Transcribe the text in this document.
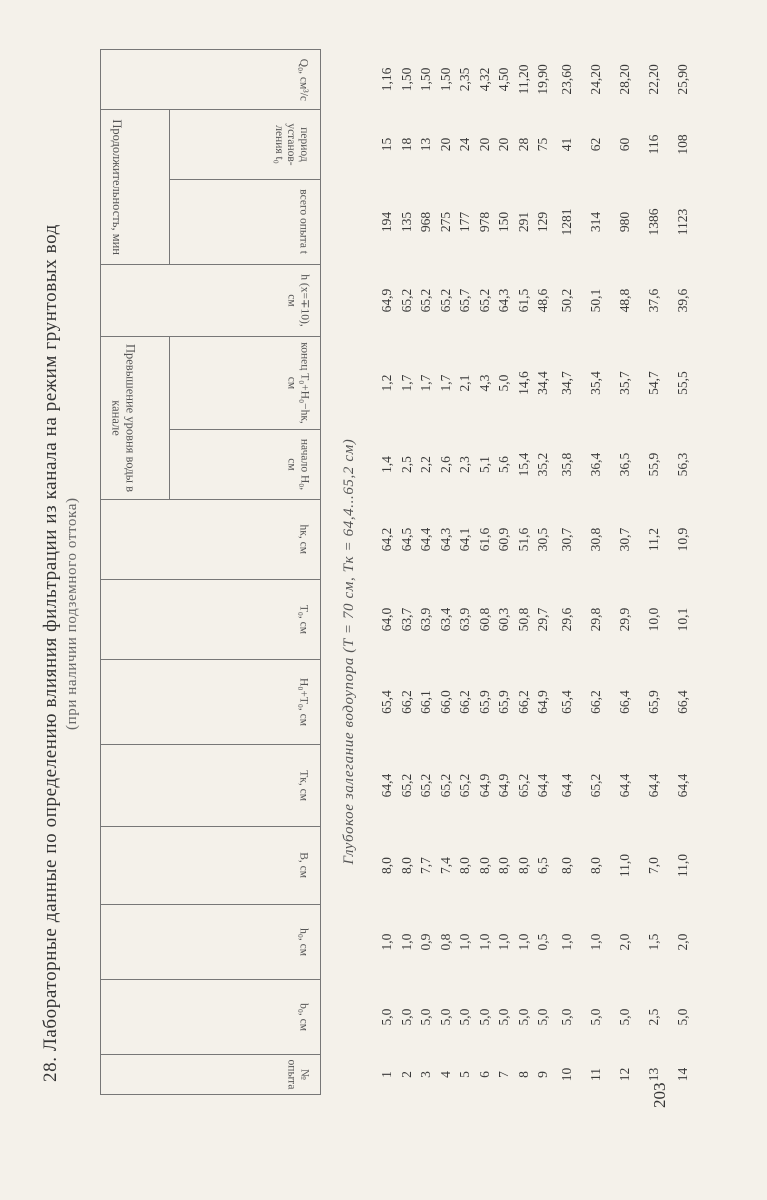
28. Лабораторные данные по определению влияния фильтрации из канала на режим грунтовых вод (при наличии подземного оттока)
№ опыта	b₀, см	h₀, см	B, см	Tк, см	H₀+T₀, см	T₀, см	hк, см	Превышение уровня воды в канале		h (x=∓10), см	Продолжительность, мин		Q₀, см³/с
								начало H₀, см	конец T₀+H₀−hк, см		всего опыта t	период установления t₀	
Глубокое залегание водоупора (T = 70 см, Tк = 64,4...65,2 см)													
1	5,0	1,0	8,0	64,4	65,4	64,0	64,2	1,4	1,2	64,9	194	15	1,16
2	5,0	1,0	8,0	65,2	66,2	63,7	64,5	2,5	1,7	65,2	135	18	1,50
3	5,0	0,9	7,7	65,2	66,1	63,9	64,4	2,2	1,7	65,2	968	13	1,50
4	5,0	0,8	7,4	65,2	66,0	63,4	64,3	2,6	1,7	65,2	275	20	1,50
5	5,0	1,0	8,0	65,2	66,2	63,9	64,1	2,3	2,1	65,7	177	24	2,35
6	5,0	1,0	8,0	64,9	65,9	60,8	61,6	5,1	4,3	65,2	978	20	4,32
7	5,0	1,0	8,0	64,9	65,9	60,3	60,9	5,6	5,0	64,3	150	20	4,50
8	5,0	1,0	8,0	65,2	66,2	50,8	51,6	15,4	14,6	61,5	291	28	11,20
9	5,0	0,5	6,5	64,4	64,9	29,7	30,5	35,2	34,4	48,6	129	75	19,90
10	5,0	1,0	8,0	64,4	65,4	29,6	30,7	35,8	34,7	50,2	1281	41	23,60
11	5,0	1,0	8,0	65,2	66,2	29,8	30,8	36,4	35,4	50,1	314	62	24,20
12	5,0	2,0	11,0	64,4	66,4	29,9	30,7	36,5	35,7	48,8	980	60	28,20
13	2,5	1,5	7,0	64,4	65,9	10,0	11,2	55,9	54,7	37,6	1386	116	22,20
14	5,0	2,0	11,0	64,4	66,4	10,1	10,9	56,3	55,5	39,6	1123	108	25,90
203
